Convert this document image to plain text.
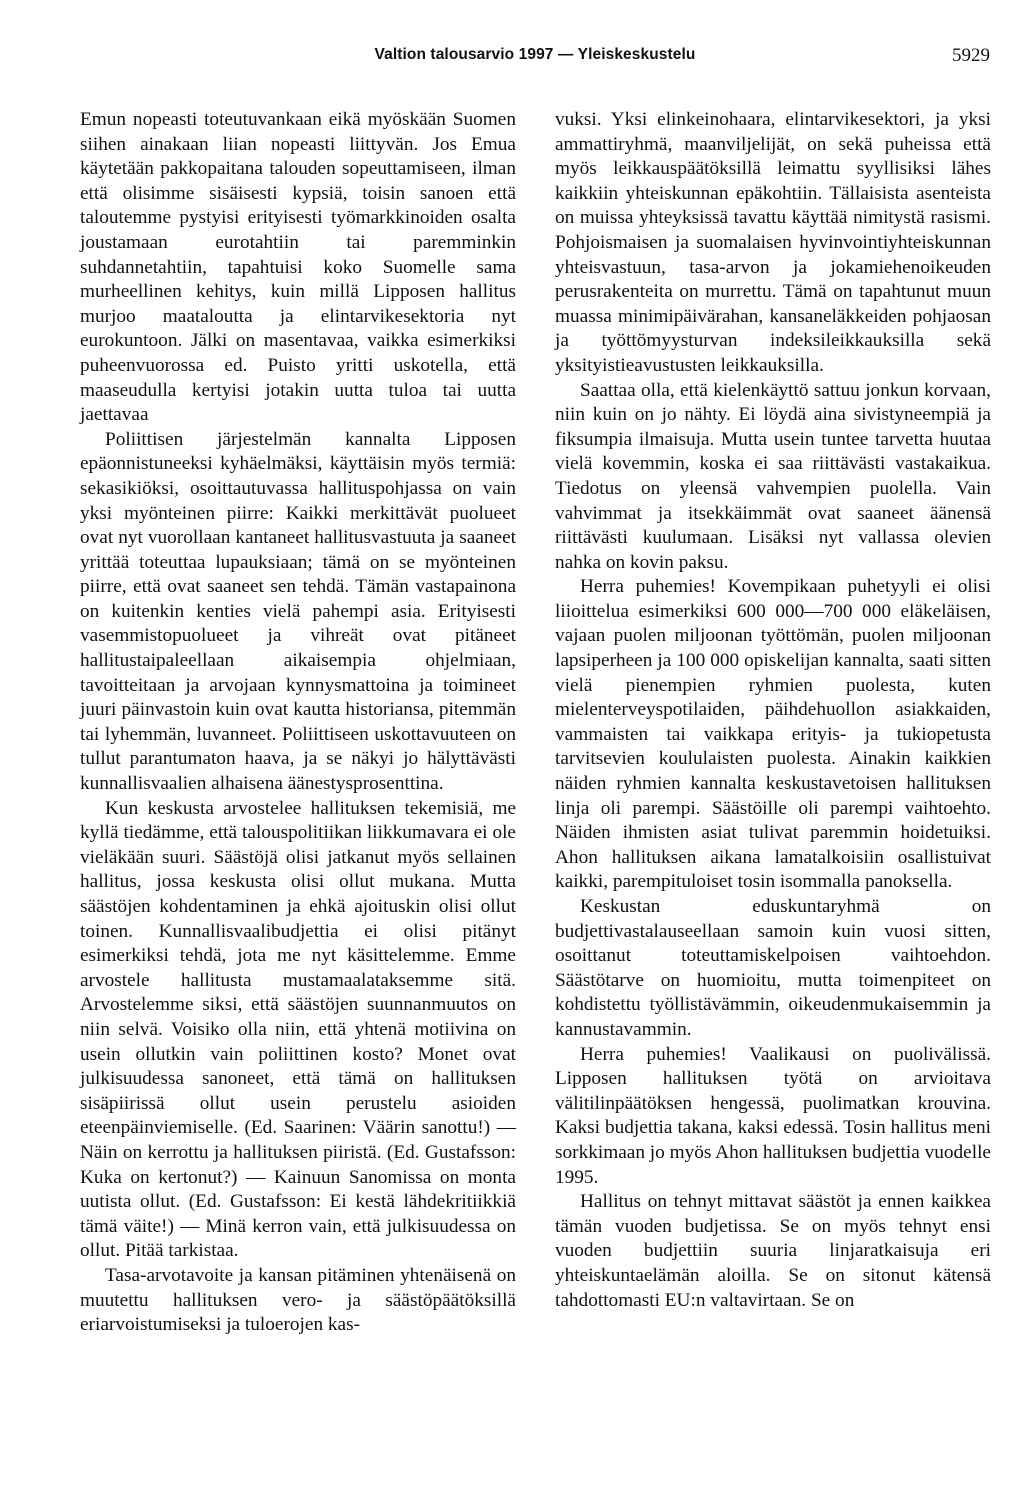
Valtion talousarvio 1997 — Yleiskeskustelu	5929

Emun nopeasti toteutuvankaan eikä myöskään Suomen siihen ainakaan liian nopeasti liittyvän. Jos Emua käytetään pakkopaitana talouden sopeuttamiseen, ilman että olisimme sisäisesti kypsiä, toisin sanoen että taloutemme pystyisi erityisesti työmarkkinoiden osalta joustamaan eurotahtiin tai paremminkin suhdannetahtiin, tapahtuisi koko Suomelle sama murheellinen kehitys, kuin millä Lipposen hallitus murjoo maataloutta ja elintarvikesektoria nyt eurokuntoon. Jälki on masentavaa, vaikka esimerkiksi puheenvuorossa ed. Puisto yritti uskotella, että maaseudulla kertyisi jotakin uutta tuloa tai uutta jaettavaa

Poliittisen järjestelmän kannalta Lipposen epäonnistuneeksi kyhäelmäksi, käyttäisin myös termiä: sekasikiöksi, osoittautuvassa hallituspohjassa on vain yksi myönteinen piirre: Kaikki merkittävät puolueet ovat nyt vuorollaan kantaneet hallitusvastuuta ja saaneet yrittää toteuttaa lupauksiaan; tämä on se myönteinen piirre, että ovat saaneet sen tehdä. Tämän vastapainona on kuitenkin kenties vielä pahempi asia. Erityisesti vasemmistopuolueet ja vihreät ovat pitäneet hallitustaipaleellaan aikaisempia ohjelmiaan, tavoitteitaan ja arvojaan kynnysmattoina ja toimineet juuri päinvastoin kuin ovat kautta historiansa, pitemmän tai lyhemmän, luvanneet. Poliittiseen uskottavuuteen on tullut parantumaton haava, ja se näkyi jo hälyttävästi kunnallisvaalien alhaisena äänestysprosenttina.

Kun keskusta arvostelee hallituksen tekemisiä, me kyllä tiedämme, että talouspolitiikan liikkumavara ei ole vieläkään suuri. Säästöjä olisi jatkanut myös sellainen hallitus, jossa keskusta olisi ollut mukana. Mutta säästöjen kohdentaminen ja ehkä ajoituskin olisi ollut toinen. Kunnallisvaalibudjettia ei olisi pitänyt esimerkiksi tehdä, jota me nyt käsittelemme. Emme arvostele hallitusta mustamaalataksemme sitä. Arvostelemme siksi, että säästöjen suunnanmuutos on niin selvä. Voisiko olla niin, että yhtenä motiivina on usein ollutkin vain poliittinen kosto? Monet ovat julkisuudessa sanoneet, että tämä on hallituksen sisäpiirissä ollut usein perustelu asioiden eteenpäinviemiselle. (Ed. Saarinen: Väärin sanottu!) — Näin on kerrottu ja hallituksen piiristä. (Ed. Gustafsson: Kuka on kertonut?) — Kainuun Sanomissa on monta uutista ollut. (Ed. Gustafsson: Ei kestä lähdekritiikkiä tämä väite!) — Minä kerron vain, että julkisuudessa on ollut. Pitää tarkistaa.

Tasa-arvotavoite ja kansan pitäminen yhtenäisenä on muutettu hallituksen vero- ja säästöpäätöksillä eriarvoistumiseksi ja tuloerojen kas-

vuksi. Yksi elinkeinohaara, elintarvikesektori, ja yksi ammattiryhmä, maanviljelijät, on sekä puheissa että myös leikkauspäätöksillä leimattu syyllisiksi lähes kaikkiin yhteiskunnan epäkohtiin. Tällaisista asenteista on muissa yhteyksissä tavattu käyttää nimitystä rasismi. Pohjoismaisen ja suomalaisen hyvinvointiyhteiskunnan yhteisvastuun, tasa-arvon ja jokamiehenoikeuden perusrakenteita on murrettu. Tämä on tapahtunut muun muassa minimipäivärahan, kansaneläkkeiden pohjaosan ja työttömyysturvan indeksileikkauksilla sekä yksityistieavustusten leikkauksilla.

Saattaa olla, että kielenkäyttö sattuu jonkun korvaan, niin kuin on jo nähty. Ei löydä aina sivistyneempiä ja fiksumpia ilmaisuja. Mutta usein tuntee tarvetta huutaa vielä kovemmin, koska ei saa riittävästi vastakaikua. Tiedotus on yleensä vahvempien puolella. Vain vahvimmat ja itsekkäimmät ovat saaneet äänensä riittävästi kuulumaan. Lisäksi nyt vallassa olevien nahka on kovin paksu.

Herra puhemies! Kovempikaan puhetyyli ei olisi liioittelua esimerkiksi 600 000—700 000 eläkeläisen, vajaan puolen miljoonan työttömän, puolen miljoonan lapsiperheen ja 100 000 opiskelijan kannalta, saati sitten vielä pienempien ryhmien puolesta, kuten mielenterveyspotilaiden, päihdehuollon asiakkaiden, vammaisten tai vaikkapa erityis- ja tukiopetusta tarvitsevien koululaisten puolesta. Ainakin kaikkien näiden ryhmien kannalta keskustavetoisen hallituksen linja oli parempi. Säästöille oli parempi vaihtoehto. Näiden ihmisten asiat tulivat paremmin hoidetuiksi. Ahon hallituksen aikana lamatalkoisiin osallistuivat kaikki, parempituloiset tosin isommalla panoksella.

Keskustan eduskuntaryhmä on budjettivastalauseellaan samoin kuin vuosi sitten, osoittanut toteuttamiskelpoisen vaihtoehdon. Säästötarve on huomioitu, mutta toimenpiteet on kohdistettu työllistävämmin, oikeudenmukaisemmin ja kannustavammin.

Herra puhemies! Vaalikausi on puolivälissä. Lipposen hallituksen työtä on arvioitava välitilinpäätöksen hengessä, puolimatkan krouvina. Kaksi budjettia takana, kaksi edessä. Tosin hallitus meni sorkkimaan jo myös Ahon hallituksen budjettia vuodelle 1995.

Hallitus on tehnyt mittavat säästöt ja ennen kaikkea tämän vuoden budjetissa. Se on myös tehnyt ensi vuoden budjettiin suuria linjaratkaisuja eri yhteiskuntaelämän aloilla. Se on sitonut kätensä tahdottomasti EU:n valtavirtaan. Se on
